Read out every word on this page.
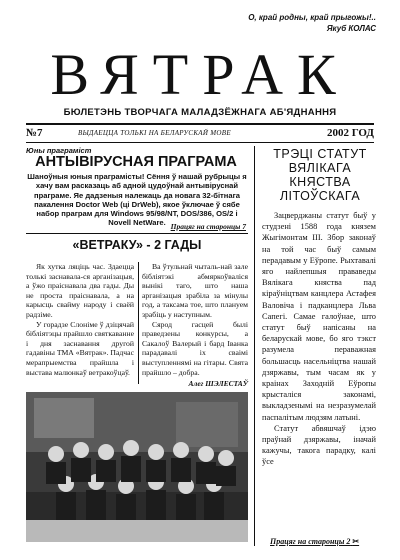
О, край родны, край прыгожы!..
Якуб КОЛАС
ВЯТРАК
БЮЛЕТЭНЬ ТВОРЧАГА МАЛАДЗЁЖНАГА АБ'ЯДНАННЯ
№7	ВЫДАЕЦЦА ТОЛЬКІ НА БЕЛАРУСКАЙ МОВЕ	2002 ГОД
Юны праграміст
АНТЫВІРУСНАЯ ПРАГРАМА
Шаноўныя юныя праграмісты! Сёння ў нашай рубрыцы я хачу вам расказаць аб адной цудоўнай антывіруснай праграме. Яе дадзеныя належаць да новага 32-бітнага пакалення Doctor Web (ці DrWeb), якое ўключае ў сябе набор праграм для Windows 95/98/NT, DOS/386, OS/2 і Novell NetWare. Працяг на старонцы 7
«ВЕТРАКУ» - 2 ГАДЫ

Як хутка ляцiць час. Здаецца толькi заснавала-ся арганiзацыя, а ўжо праiснавала два гады. Ды не проста праiснавала, а на карысць свайму народу i сваёй радзiме.

У горадзе Слонiме ў дзiцячай бiблiятэцы прайшло святкаванне i дня заснавання другой гадавiны ТМА «Вятрак». Падчас мерапрыемства прайшла i выстава малюнкаў ветракоўцаў.

Ва ўтульнай чыталь-най зале бiблiятэкi абмяркоўвалiся вынiкi таго, што наша арганiзацыя зрабiла за мiнулы год, а таксама тое, што плануем зрабiць у наступным.

Сярод гасцей былi праведзены конкурсы, а Сакалоў Валерый i бард Iванка парадавалi iх сваiмi выступленнямi на гiтары. Свята прайшло – добра.

Алег ШЭЛЕСТАЎ
ТРЭЦІ СТАТУТ
ВЯЛІКАГА
КНЯСТВА
ЛІТОЎСКАГА

Зацверджаны статут быў у студзенi 1588 года князем Жыгiмонтам III. Збор законаў на той час быў самым перадавым у Еўропе. Рыхтавалi яго найлепшыя прававеды Вялiкага княства пад кiраўнiцтвам канцлера Астафея Валовiча i падканцлера Льва Сапегi. Самае галоўнае, што статут быў напiсаны на беларускай мове, бо яго тэкст разумела пераважная большасць насельнiцтва нашай дзяржавы, тым часам як у краiнах Заходнiй Еўропы крысталiся законамi, выкладзенымi на незразумелай паспалiтым людзям латынi.

Статут абвяшчаў iдэю праўнай дзяржавы, iначай кажучы, такога парадку, калi ўсе

Працяг на старонцы 2 ✂
